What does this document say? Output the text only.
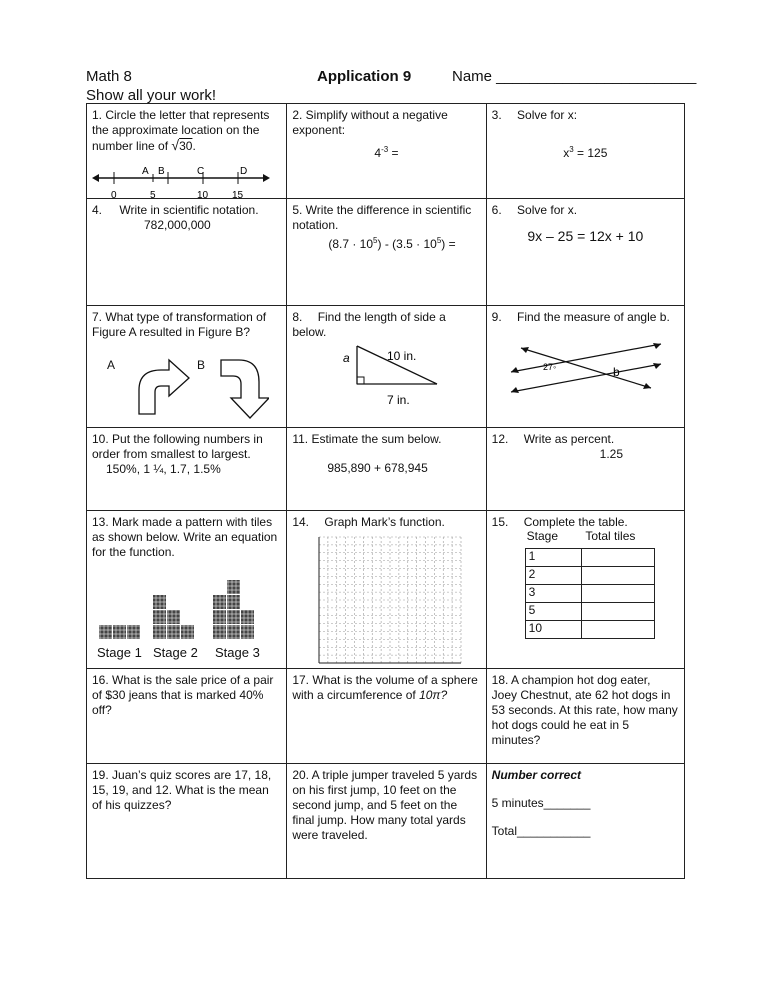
Math 8
Show all your work!
Application 9	Name ________________________
1. Circle the letter that represents the approximate location on the number line of √30.
A B	C	D
0	5	10 15
	2. Simplify without a negative exponent:
$4^{-3}$ =
	3. Solve for x:
$x^3 = 125$

4. Write in scientific notation.
782,000,000
	5. Write the difference in scientific notation.
$(8.7 \cdot 10^5) - (3.5 \cdot 10^5)$ =
	6. Solve for x.
9x – 25 = 12x + 10

7. What type of transformation of Figure A resulted in Figure B?
A	B
	8. Find the length of side a below.
a	10 in.
7 in.
	9. Find the measure of angle b.
27◦	b

10. Put the following numbers in order from smallest to largest.
150%, 1 ¼, 1.7, 1.5%
	11. Estimate the sum below.
985,890 + 678,945
	12. Write as percent.
1.25

13. Mark made a pattern with tiles as shown below. Write an equation for the function.
Stage 1 Stage 2 Stage 3
	14. Graph Mark’s function.	15. Complete the table.
Stage Total tiles
1	
2	
3	
5	
10	

16. What is the sale price of a pair of $30 jeans that is marked 40% off?	17. What is the volume of a sphere with a circumference of 10π?	18. A champion hot dog eater, Joey Chestnut, ate 62 hot dogs in 53 seconds. At this rate, how many hot dogs could he eat in 5 minutes?
19. Juan’s quiz scores are 17, 18, 15, 19, and 12. What is the mean of his quizzes?	20. A triple jumper traveled 5 yards on his first jump, 10 feet on the second jump, and 5 feet on the final jump. How many total yards were traveled.	
Number correct
5 minutes_______
Total___________
